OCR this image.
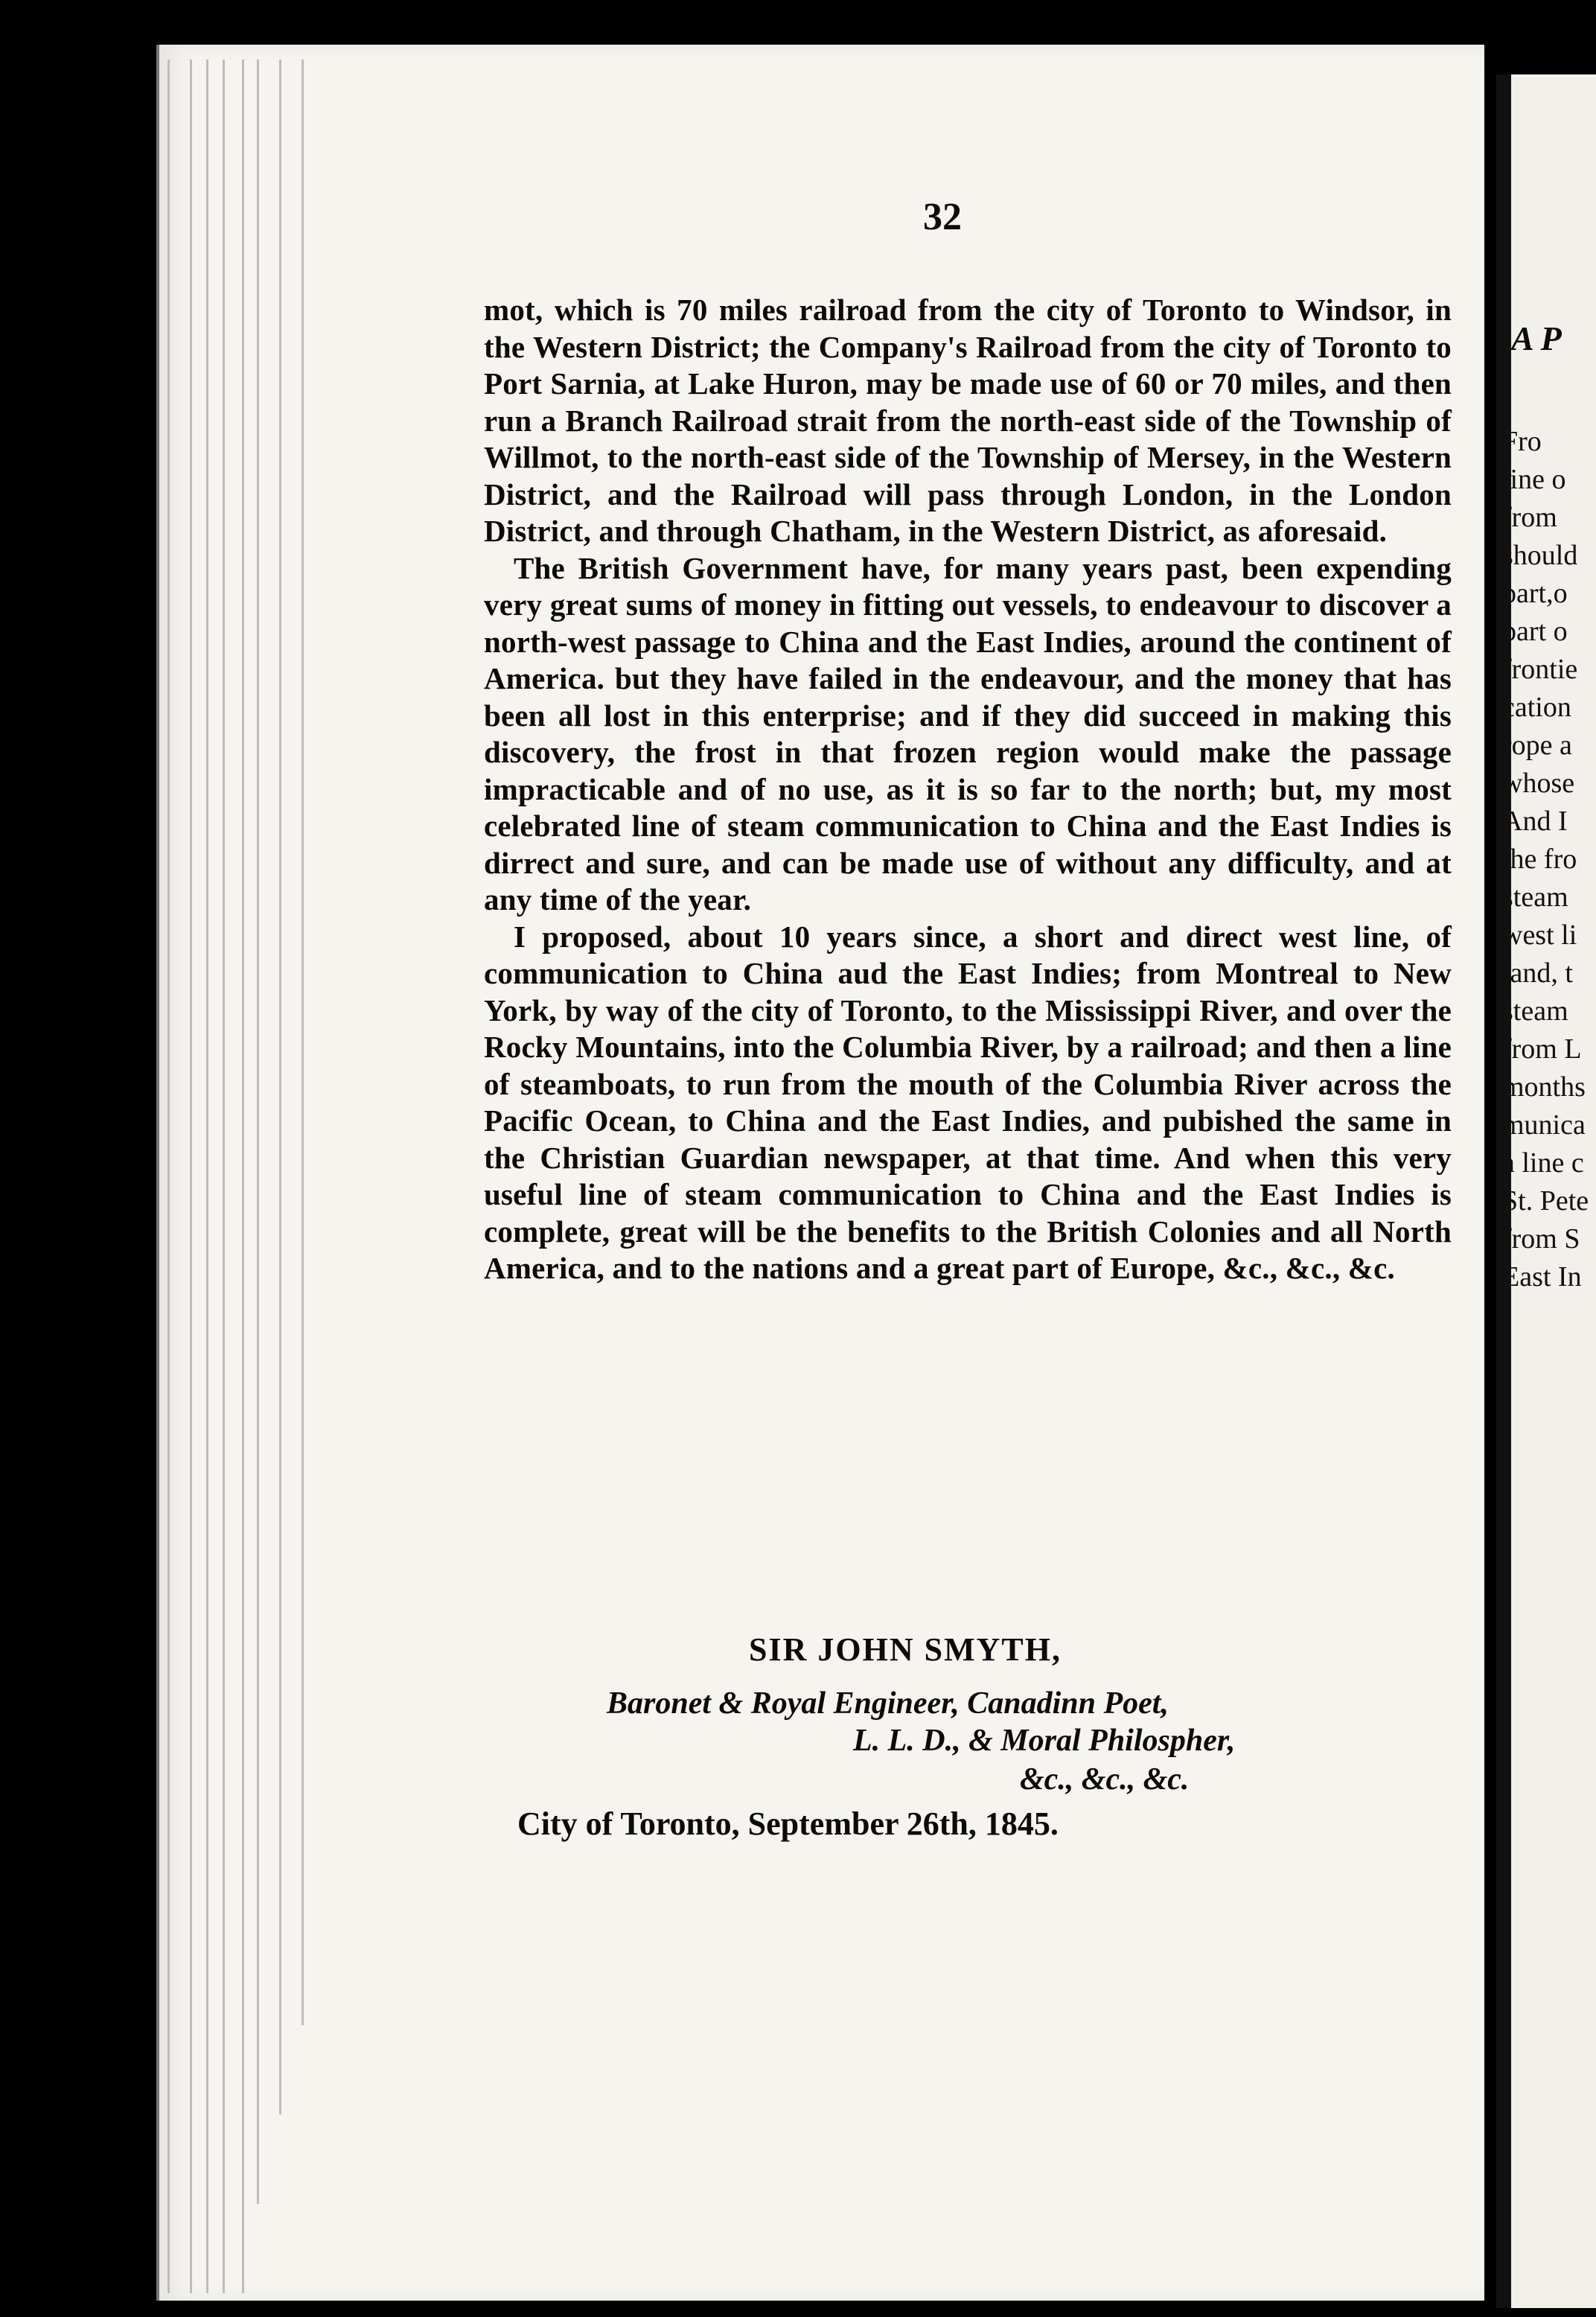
32

mot, which is 70 miles railroad from the city of Toronto to Windsor, in the Western District; the Company's Railroad from the city of Toronto to Port Sarnia, at Lake Huron, may be made use of 60 or 70 miles, and then run a Branch Railroad strait from the north-east side of the Township of Willmot, to the north-east side of the Township of Mersey, in the Western District, and the Railroad will pass through London, in the London District, and through Chatham, in the Western District, as aforesaid.

The British Government have, for many years past, been expending very great sums of money in fitting out vessels, to endeavour to discover a north-west passage to China and the East Indies, around the continent of America. but they have failed in the endeavour, and the money that has been all lost in this enterprise; and if they did succeed in making this discovery, the frost in that frozen region would make the passage impracticable and of no use, as it is so far to the north; but, my most celebrated line of steam communication to China and the East Indies is dirrect and sure, and can be made use of without any difficulty, and at any time of the year.

I proposed, about 10 years since, a short and direct west line, of communication to China aud the East Indies; from Montreal to New York, by way of the city of Toronto, to the Mississippi River, and over the Rocky Mountains, into the Columbia River, by a railroad; and then a line of steamboats, to run from the mouth of the Columbia River across the Pacific Ocean, to China and the East Indies, and pubished the same in the Christian Guardian newspaper, at that time. And when this very useful line of steam communication to China and the East Indies is complete, great will be the benefits to the British Colonies and all North America, and to the nations and a great part of Europe, &c., &c., &c.

SIR JOHN SMYTH,
Baronet & Royal Engineer, Canadinn Poet,
L. L. D., & Moral Philospher,
&c., &c., &c.
City of Toronto, September 26th, 1845.
A P
Fro
line o
from
should
part,o
part o
frontie
cation
rope a
whose
And I
the fro
steam
west li
land, t
steam
from L
months
munica
a line c
St. Pete
from S
East In
